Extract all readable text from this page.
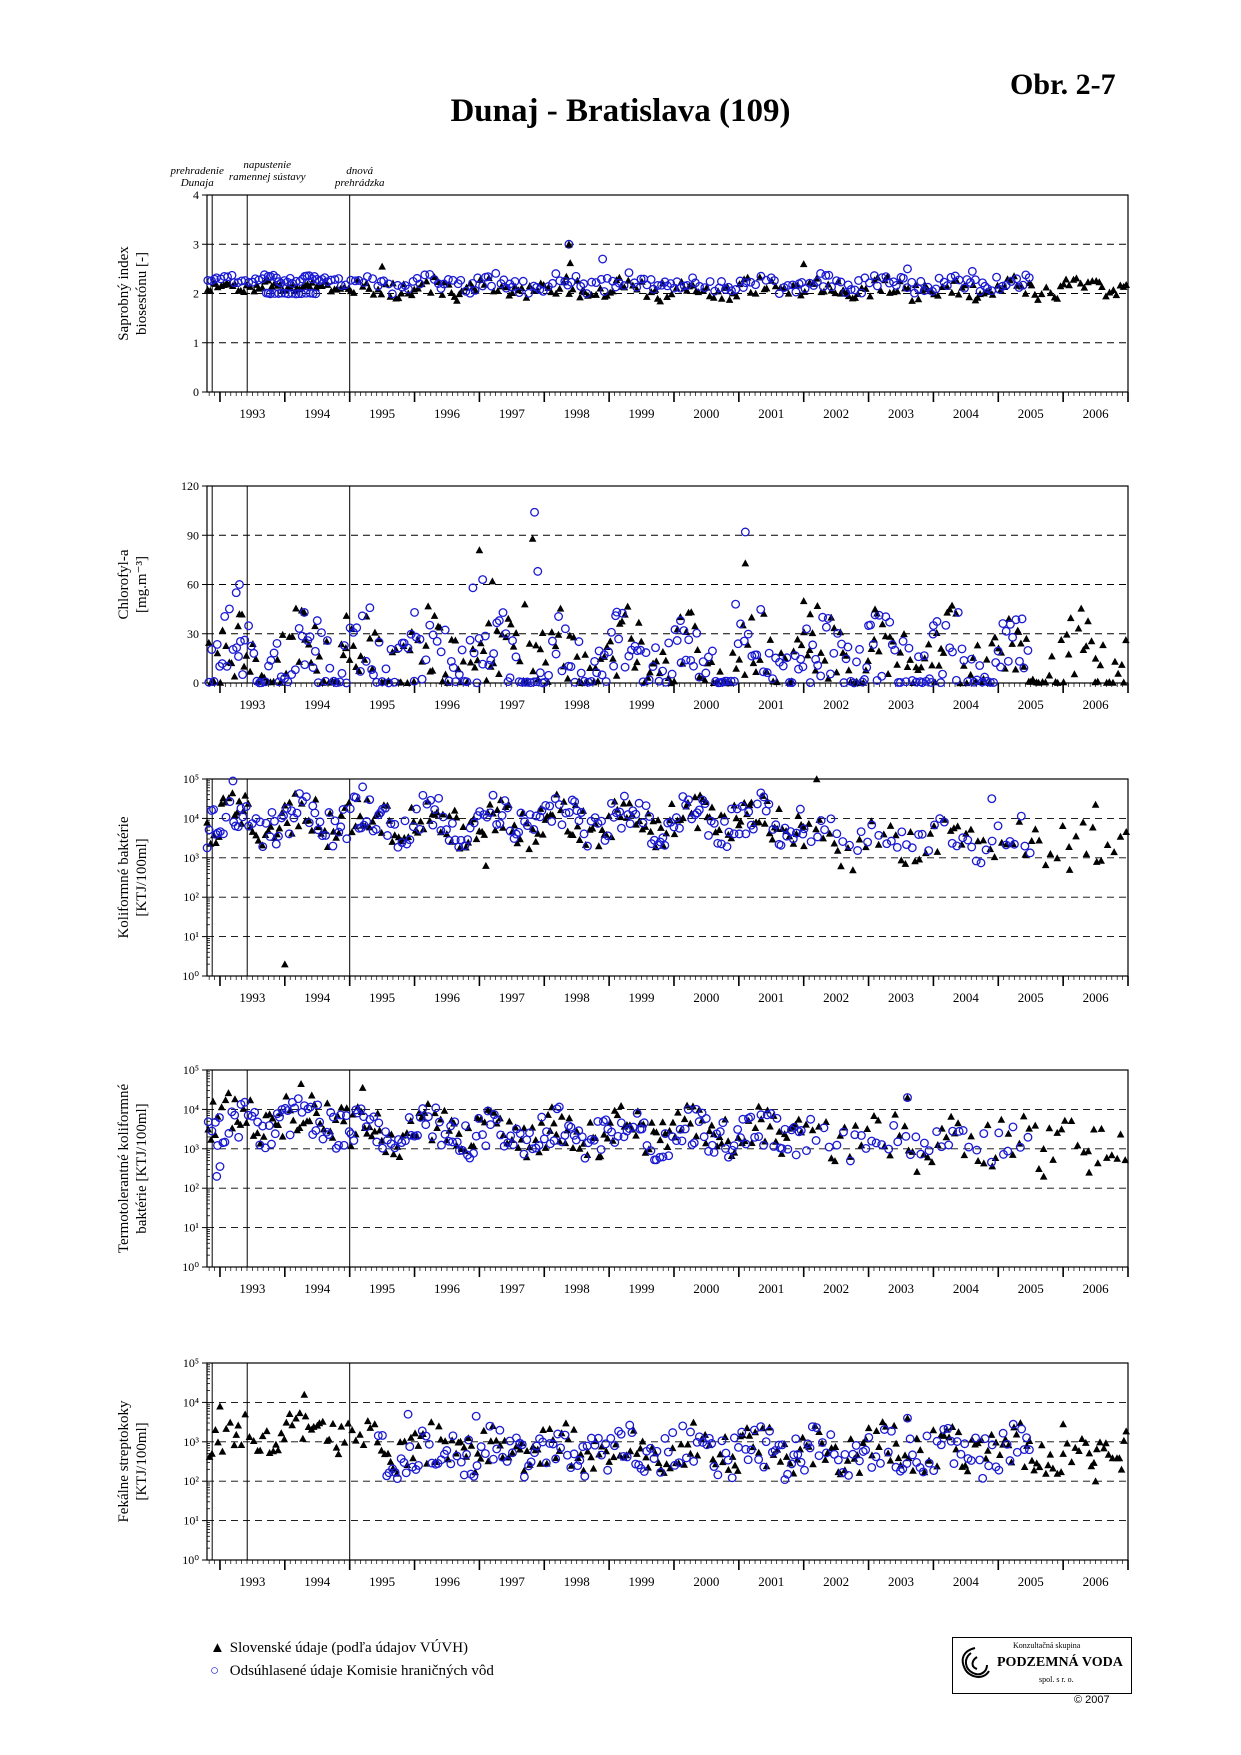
Obr. 2-7
Dunaj - Bratislava (109)
0
1
2
3
4
1993	1994	1995	1996	1997	1998	1999	2000	2001	2002	2003	2004	2005	2006
Saprobný index biosestónu [-]
prehradenie
Dunaja
napustenie
ramennej sústavy	dnová
prehrádzka
0
30
60
90
120
1993	1994	1995	1996	1997	1998	1999	2000	2001	2002	2003	2004	2005	2006
Chlorofyl-a [mg.m⁻³]
10⁰
10¹
10²
10³
10⁴
10⁵
1993	1994	1995	1996	1997	1998	1999	2000	2001	2002	2003	2004	2005	2006
Koliformné baktérie [KTJ/100ml]
10⁰
10¹
10²
10³
10⁴
10⁵
1993	1994	1995	1996	1997	1998	1999	2000	2001	2002	2003	2004	2005	2006
Termotolerantné koliformné baktérie [KTJ/100ml]
10⁰
10¹
10²
10³
10⁴
10⁵
1993	1994	1995	1996	1997	1998	1999	2000	2001	2002	2003	2004	2005	2006
Fekálne streptokoky [KTJ/100ml]
▲ Slovenské údaje (podľa údajov VÚVH)
○ Odsúhlasené údaje Komisie hraničných vôd
Konzultačná skupina
PODZEMNÁ VODA
spol. s r. o.
© 2007
